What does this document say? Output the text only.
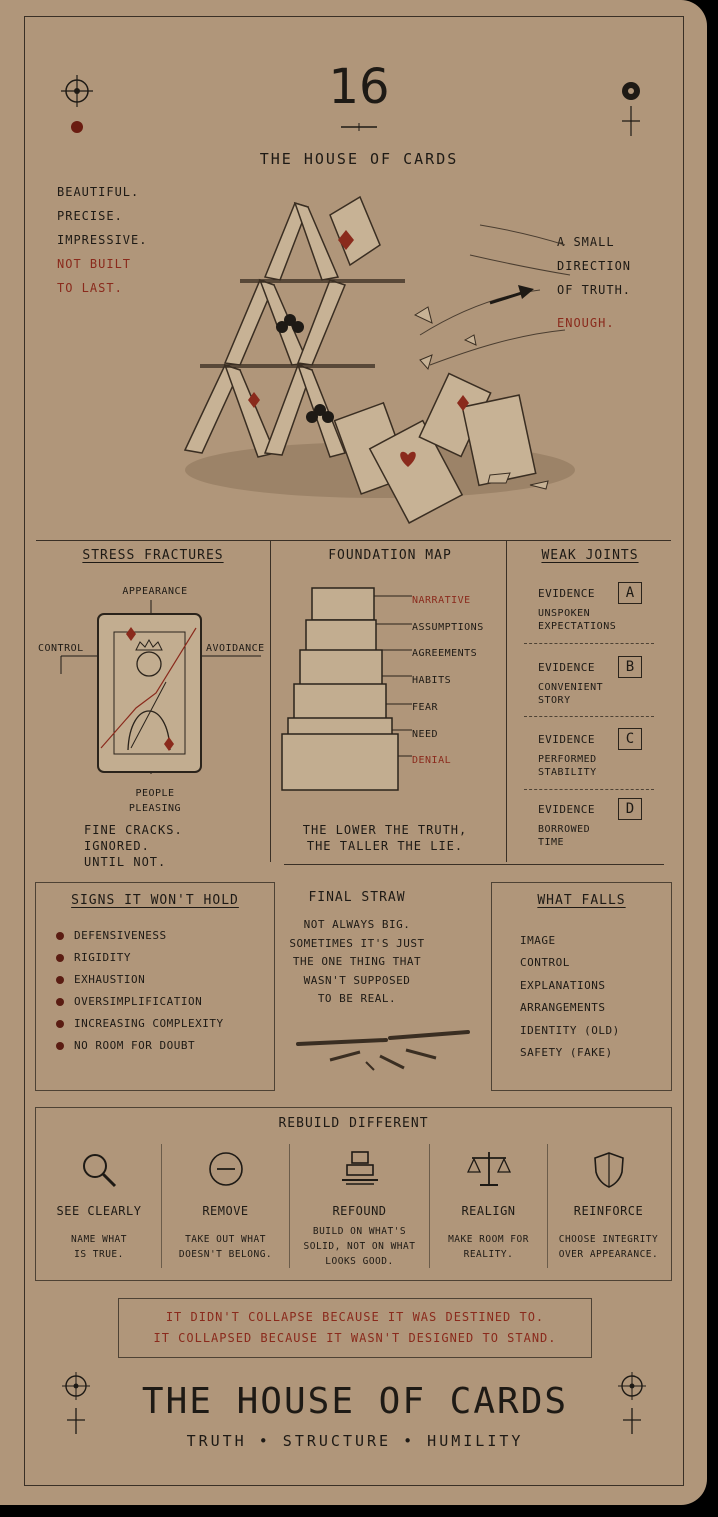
16
THE HOUSE OF CARDS
BEAUTIFUL.
PRECISE.
IMPRESSIVE.
NOT BUILT
TO LAST.
A SMALL
DIRECTION
OF TRUTH.
ENOUGH.
STRESS FRACTURES
APPEARANCE
CONTROL	AVOIDANCE
PEOPLE
PLEASING
FINE CRACKS.
IGNORED.
UNTIL NOT.
FOUNDATION MAP
NARRATIVE
ASSUMPTIONS
AGREEMENTS
HABITS
FEAR
NEED
DENIAL
THE LOWER THE TRUTH,
THE TALLER THE LIE.
WEAK JOINTS
EVIDENCE	A
UNSPOKEN
EXPECTATIONS
EVIDENCE	B
CONVENIENT
STORY
EVIDENCE	C
PERFORMED
STABILITY
EVIDENCE	D
BORROWED
TIME
SIGNS IT WON'T HOLD
DEFENSIVENESS
RIGIDITY
EXHAUSTION
OVERSIMPLIFICATION
INCREASING COMPLEXITY
NO ROOM FOR DOUBT
FINAL STRAW
NOT ALWAYS BIG.
SOMETIMES IT'S JUST
THE ONE THING THAT
WASN'T SUPPOSED
TO BE REAL.
WHAT FALLS
IMAGE
CONTROL
EXPLANATIONS
ARRANGEMENTS
IDENTITY (OLD)
SAFETY (FAKE)
REBUILD DIFFERENT
SEE CLEARLY
NAME WHAT
IS TRUE.
REMOVE
TAKE OUT WHAT
DOESN'T BELONG.
REFOUND
BUILD ON WHAT'S
SOLID, NOT ON WHAT
LOOKS GOOD.
REALIGN
MAKE ROOM FOR
REALITY.
REINFORCE
CHOOSE INTEGRITY
OVER APPEARANCE.
IT DIDN'T COLLAPSE BECAUSE IT WAS DESTINED TO.
IT COLLAPSED BECAUSE IT WASN'T DESIGNED TO STAND.
THE HOUSE OF CARDS
TRUTH • STRUCTURE • HUMILITY
